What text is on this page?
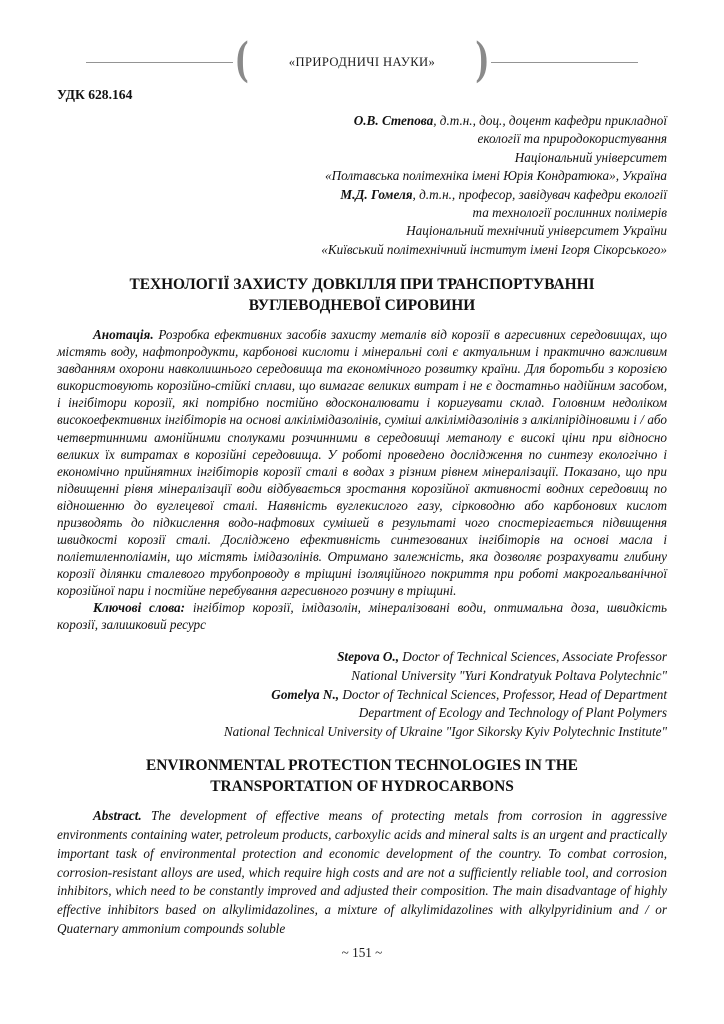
(	«ПРИРОДНИЧІ НАУКИ»	)
УДК 628.164
О.В. Степова, д.т.н., доц., доцент кафедри прикладної
екології та природокористування
Національний університет
«Полтавська політехніка імені Юрія Кондратюка», Україна
М.Д. Гомеля, д.т.н., професор, завідувач кафедри екології
та технології рослинних полімерів
Національний технічний університет України
«Київський політехнічний інститут імені Ігоря Сікорського»
ТЕХНОЛОГІЇ ЗАХИСТУ ДОВКІЛЛЯ ПРИ ТРАНСПОРТУВАННІ ВУГЛЕВОДНЕВОЇ СИРОВИНИ

Анотація. Розробка ефективних засобів захисту металів від корозії в агресивних середовищах, що містять воду, нафтопродукти, карбонові кислоти і мінеральні солі є актуальним і практично важливим завданням охорони навколишнього середовища та економічного розвитку країни. Для боротьби з корозією використовують корозійно-стійкі сплави, що вимагає великих витрат і не є достатньо надійним засобом, і інгібітори корозії, які потрібно постійно вдосконалювати і коригувати склад. Головним недоліком високоефективних інгібіторів на основі алкілімідазолінів, суміші алкілімідазолінів з алкілпірідіновими і / або четвертинними амонійними сполуками розчинними в середовищі метанолу є високі ціни при відносно великих їх витратах в корозійні середовища. У роботі проведено дослідження по синтезу екологічно і економічно прийнятних інгібіторів корозії сталі в водах з різним рівнем мінералізації. Показано, що при підвищенні рівня мінералізації води відбувається зростання корозійної активності водних середовищ по відношенню до вуглецевої сталі. Наявність вуглекислого газу, сірководню або карбонових кислот призводять до підкислення водо-нафтових сумішей в результаті чого спостерігається підвищення швидкості корозії сталі. Досліджено ефективність синтезованих інгібіторів на основі масла і поліетиленполіамін, що містять імідазолінів. Отримано залежність, яка дозволяє розрахувати глибину корозії ділянки сталевого трубопроводу в тріщині ізоляційного покриття при роботі макрогальванічної корозійної пари і постійне перебування агресивного розчину в тріщині.

Ключові слова: інгібітор корозії, імідазолін, мінералізовані води, оптимальна доза, швидкість корозії, залишковий ресурс

Stepova O., Doctor of Technical Sciences, Associate Professor
National University "Yuri Kondratyuk Poltava Polytechnic"
Gomelya N., Doctor of Technical Sciences, Professor, Head of Department
Department of Ecology and Technology of Plant Polymers
National Technical University of Ukraine "Igor Sikorsky Kyiv Polytechnic Institute"
ENVIRONMENTAL PROTECTION TECHNOLOGIES IN THE TRANSPORTATION OF HYDROCARBONS

Abstract. The development of effective means of protecting metals from corrosion in aggressive environments containing water, petroleum products, carboxylic acids and mineral salts is an urgent and practically important task of environmental protection and economic development of the country. To combat corrosion, corrosion-resistant alloys are used, which require high costs and are not a sufficiently reliable tool, and corrosion inhibitors, which need to be constantly improved and adjusted their composition. The main disadvantage of highly effective inhibitors based on alkylimidazolines, a mixture of alkylimidazolines with alkylpyridinium and / or Quaternary ammonium compounds soluble

~ 151 ~
